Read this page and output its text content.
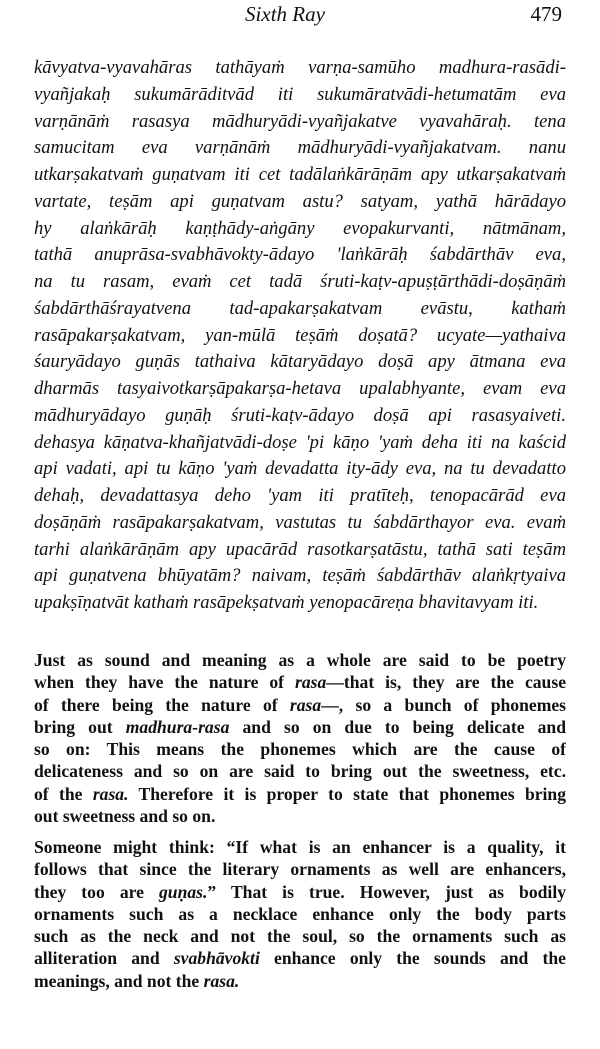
Sixth Ray	479
kāvyatva-vyavahāras tathāyaṁ varṇa-samūho madhura-rasādi-
vyañjakaḥ sukumārāditvād iti sukumāratvādi-hetumatām eva
varṇānāṁ rasasya mādhuryādi-vyañjakatve vyavahāraḥ. tena
samucitam eva varṇānāṁ mādhuryādi-vyañjakatvam. nanu
utkarṣakatvaṁ guṇatvam iti cet tadālaṅkārāṇām apy utkarṣakatvaṁ
vartate, teṣām api guṇatvam astu? satyam, yathā hārādayo
hy alaṅkārāḥ kaṇṭhādy-aṅgāny evopakurvanti, nātmānam,
tathā anuprāsa-svabhāvokty-ādayo 'laṅkārāḥ śabdārthāv eva,
na tu rasam, evaṁ cet tadā śruti-kaṭv-apuṣṭārthādi-doṣāṇāṁ
śabdārthāśrayatvena tad-apakarṣakatvam evāstu, kathaṁ
rasāpakarṣakatvam, yan-mūlā teṣāṁ doṣatā? ucyate—yathaiva
śauryādayo guṇās tathaiva kātaryādayo doṣā apy ātmana eva
dharmās tasyaivotkarṣāpakarṣa-hetava upalabhyante, evam eva
mādhuryādayo guṇāḥ śruti-kaṭv-ādayo doṣā api rasasyaiveti.
dehasya kāṇatva-khañjatvādi-doṣe 'pi kāṇo 'yaṁ deha iti na kaścid
api vadati, api tu kāṇo 'yaṁ devadatta ity-ādy eva, na tu devadatto
dehaḥ, devadattasya deho 'yam iti pratīteḥ, tenopacārād eva
doṣāṇāṁ rasāpakarṣakatvam, vastutas tu śabdārthayor eva. evaṁ
tarhi alaṅkārāṇām apy upacārād rasotkarṣatāstu, tathā sati teṣām
api guṇatvena bhūyatām? naivam, teṣāṁ śabdārthāv alaṅkṛtyaiva
upakṣīṇatvāt kathaṁ rasāpekṣatvaṁ yenopacāreṇa bhavitavyam iti.
Just as sound and meaning as a whole are said to be poetry
when they have the nature of rasa—that is, they are the cause
of there being the nature of rasa—, so a bunch of phonemes
bring out madhura-rasa and so on due to being delicate and
so on: This means the phonemes which are the cause of
delicateness and so on are said to bring out the sweetness, etc.
of the rasa. Therefore it is proper to state that phonemes bring
out sweetness and so on.
Someone might think: “If what is an enhancer is a quality, it
follows that since the literary ornaments as well are enhancers,
they too are guṇas.” That is true. However, just as bodily
ornaments such as a necklace enhance only the body parts
such as the neck and not the soul, so the ornaments such as
alliteration and svabhāvokti enhance only the sounds and the
meanings, and not the rasa.
